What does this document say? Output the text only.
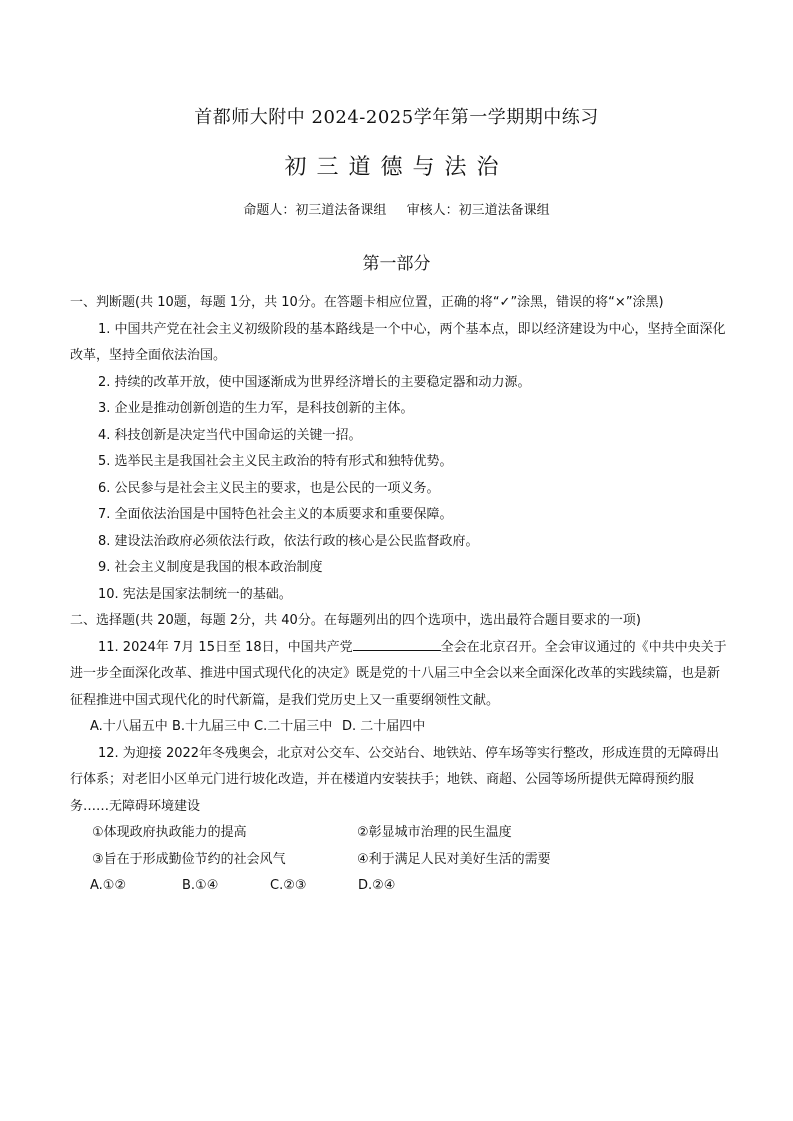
首都师大附中 2024-2025学年第一学期期中练习
初三道德与法治
命题人：初三道法备课组 审核人：初三道法备课组
第一部分

一、判断题(共 10题，每题 1分，共 10分。在答题卡相应位置，正确的将“✓”涂黑，错误的将“×”涂黑)

1. 中国共产党在社会主义初级阶段的基本路线是一个中心，两个基本点，即以经济建设为中心，坚持全面深化改革，坚持全面依法治国。

2. 持续的改革开放，使中国逐渐成为世界经济增长的主要稳定器和动力源。

3. 企业是推动创新创造的生力军，是科技创新的主体。

4. 科技创新是决定当代中国命运的关键一招。

5. 选举民主是我国社会主义民主政治的特有形式和独特优势。

6. 公民参与是社会主义民主的要求，也是公民的一项义务。

7. 全面依法治国是中国特色社会主义的本质要求和重要保障。

8. 建设法治政府必须依法行政，依法行政的核心是公民监督政府。

9. 社会主义制度是我国的根本政治制度

10. 宪法是国家法制统一的基础。

二、选择题(共 20题，每题 2分，共 40分。在每题列出的四个选项中，选出最符合题目要求的一项)

11. 2024年 7月 15日至 18日，中国共产党	全会在北京召开。全会审议通过的《中共中央关于进一步全面深化改革、推进中国式现代化的决定》既是党的十八届三中全会以来全面深化改革的实践续篇，也是新征程推进中国式现代化的时代新篇，是我们党历史上又一重要纲领性文献。

A.十八届五中 B.十九届三中 C.二十届三中 D. 二十届四中

12. 为迎接 2022年冬残奥会，北京对公交车、公交站台、地铁站、停车场等实行整改，形成连贯的无障碍出行体系；对老旧小区单元门进行坡化改造，并在楼道内安装扶手；地铁、商超、公园等场所提供无障碍预约服务……无障碍环境建设

①体现政府执政能力的提高	②彰显城市治理的民生温度
③旨在于形成勤俭节约的社会风气	④利于满足人民对美好生活的需要

A.①②	B.①④	C.②③	D.②④
